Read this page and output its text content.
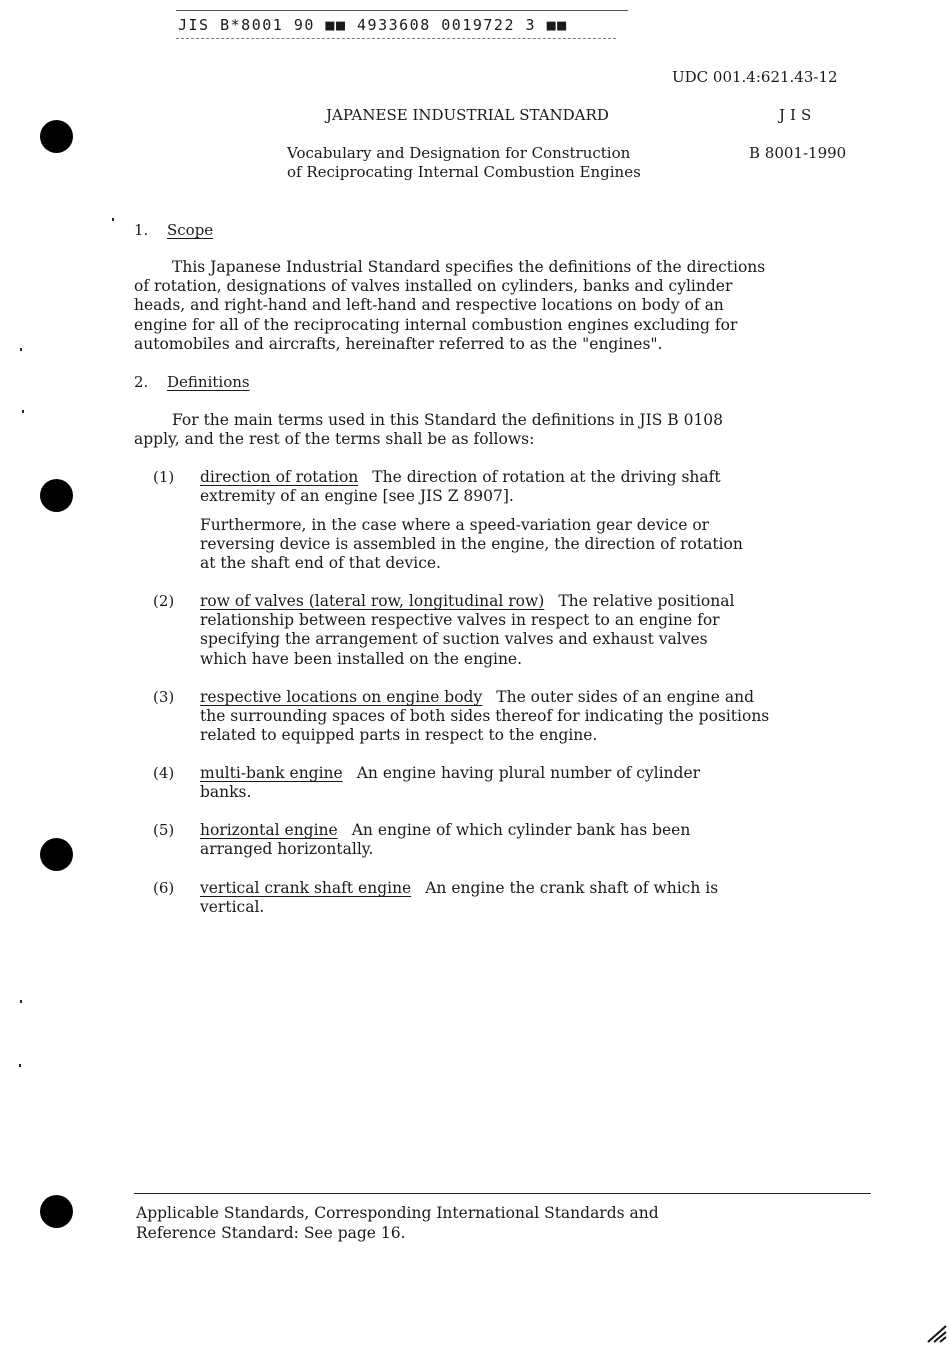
JIS B*8001 90 ■■ 4933608 0019722 3 ■■
UDC 001.4:621.43-12
JAPANESE INDUSTRIAL STANDARD	JIS
Vocabulary and Designation for Construction
of Reciprocating Internal Combustion Engines
B 8001-1990
1. Scope
This Japanese Industrial Standard specifies the definitions of the directions
of rotation, designations of valves installed on cylinders, banks and cylinder
heads, and right-hand and left-hand and respective locations on body of an
engine for all of the reciprocating internal combustion engines excluding for
automobiles and aircrafts, hereinafter referred to as the "engines".
2. Definitions
For the main terms used in this Standard the definitions in JIS B 0108
apply, and the rest of the terms shall be as follows:
(1) direction of rotation The direction of rotation at the driving shaft
extremity of an engine [see JIS Z 8907].
Furthermore, in the case where a speed-variation gear device or
reversing device is assembled in the engine, the direction of rotation
at the shaft end of that device.
(2) row of valves (lateral row, longitudinal row) The relative positional
relationship between respective valves in respect to an engine for
specifying the arrangement of suction valves and exhaust valves
which have been installed on the engine.
(3) respective locations on engine body The outer sides of an engine and
the surrounding spaces of both sides thereof for indicating the positions
related to equipped parts in respect to the engine.
(4) multi-bank engine An engine having plural number of cylinder
banks.
(5) horizontal engine An engine of which cylinder bank has been
arranged horizontally.
(6) vertical crank shaft engine An engine the crank shaft of which is
vertical.
Applicable Standards, Corresponding International Standards and
Reference Standard: See page 16.
